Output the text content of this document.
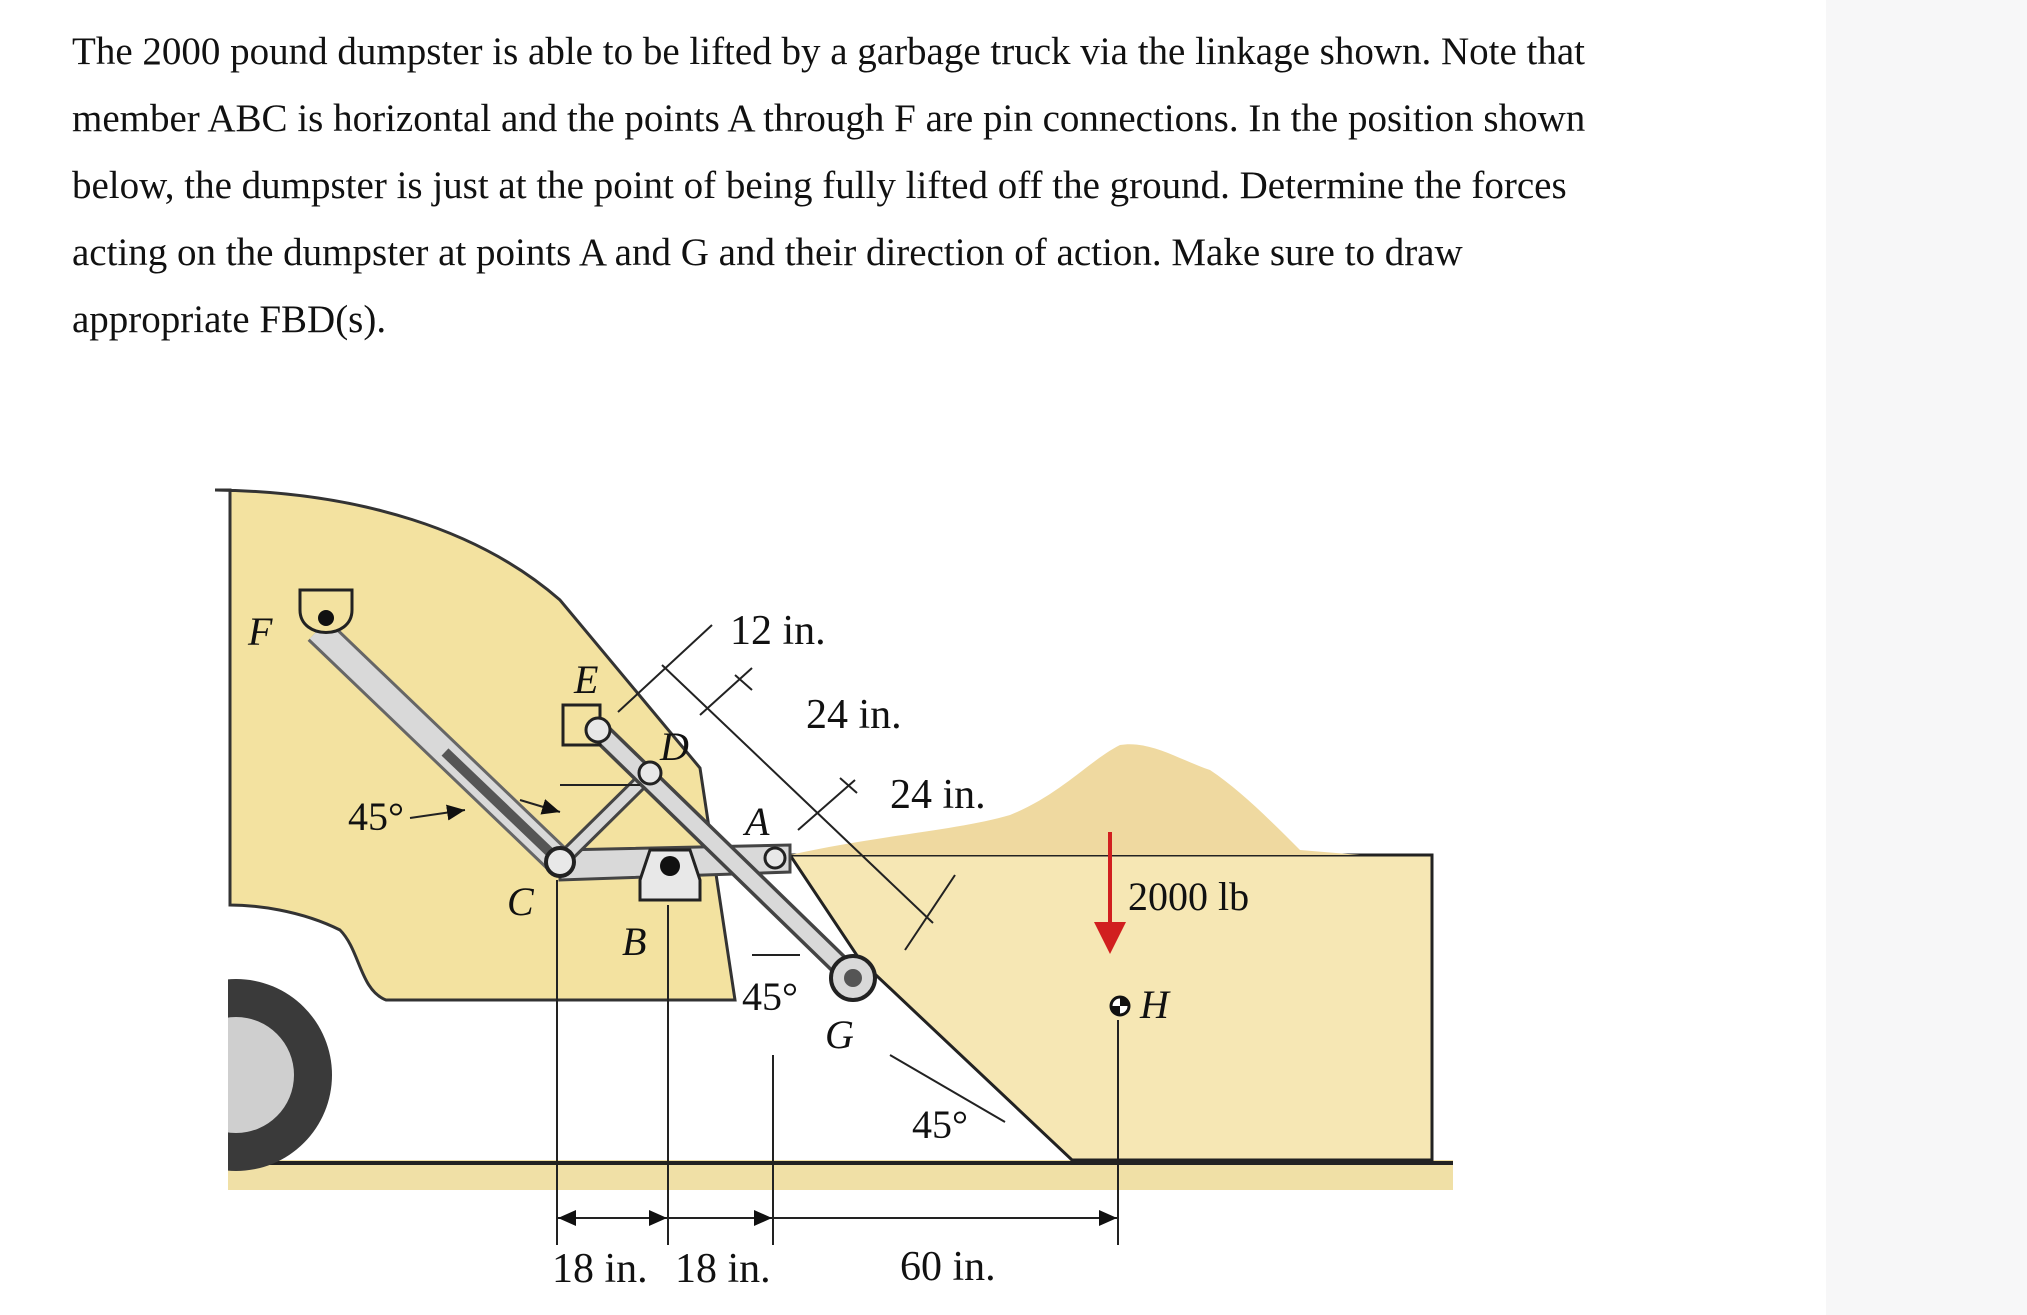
The 2000 pound dumpster is able to be lifted by a garbage truck via the linkage shown. Note that

member ABC is horizontal and the points A through F are pin connections. In the position shown

below, the dumpster is just at the point of being fully lifted off the ground. Determine the forces

acting on the dumpster at points A and G and their direction of action. Make sure to draw

appropriate FBD(s).

F
E
D
C
B
A
G
H
12 in.
24 in.
24 in.
18 in. 18 in.	60 in.
45°
45°
45°
2000 lb
